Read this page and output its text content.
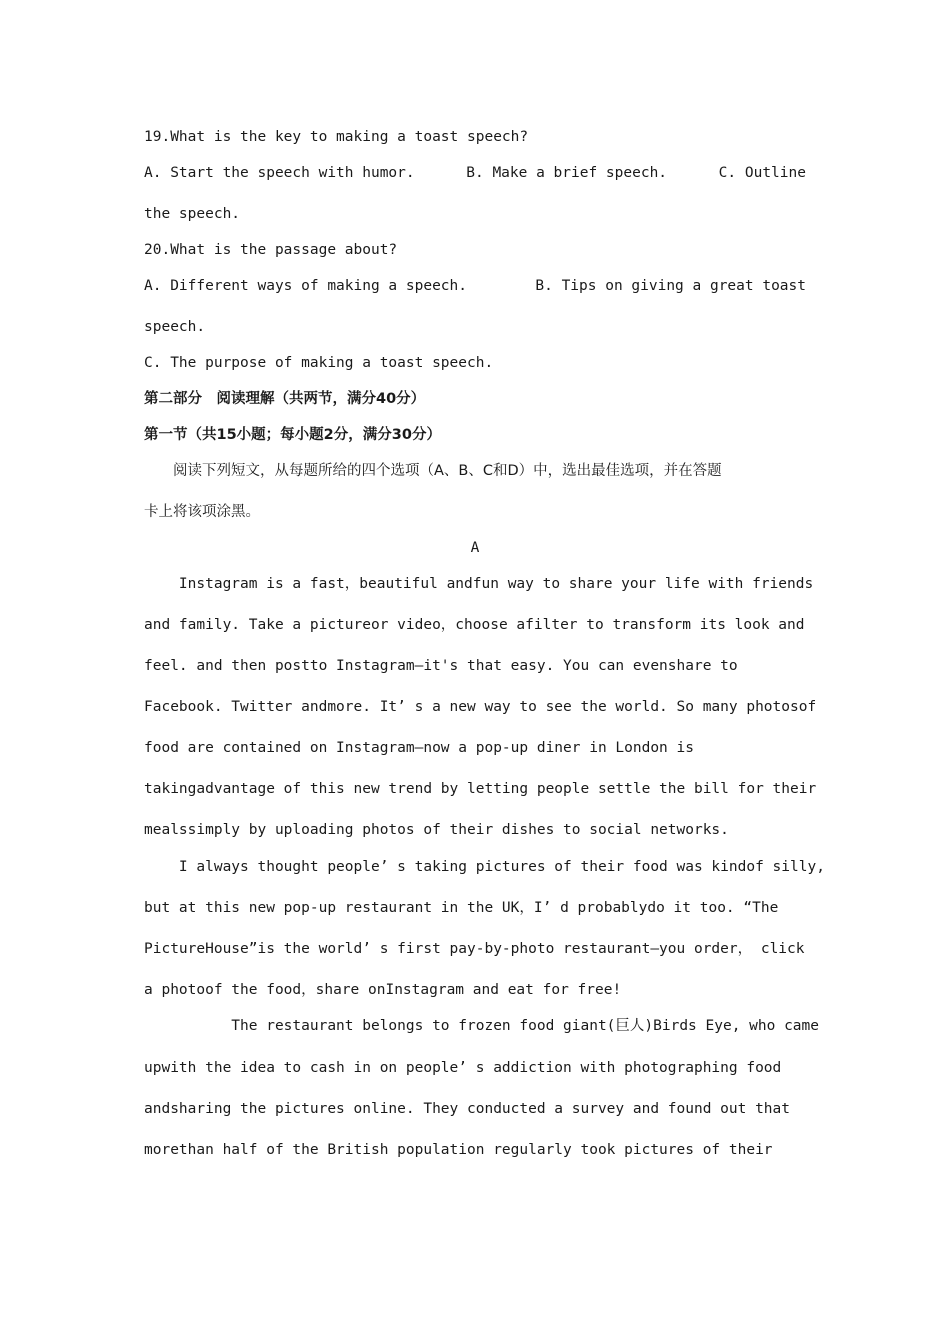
19.What is the key to making a toast speech?
A. Start the speech with humor.	B. Make a brief speech.	C. Outline
the speech.
20.What is the passage about?
A. Different ways of making a speech.	B. Tips on giving a great toast
speech.
C. The purpose of making a toast speech.
第二部分　阅读理解（共两节，满分40分）
第一节（共15小题；每小题2分，满分30分）
　　阅读下列短文，从每题所给的四个选项（A、B、C和D）中，选出最佳选项，并在答题
卡上将该项涂黑。
A
Instagram is a fast，beautiful andfun way to share your life with friends
and family. Take a pictureor video，choose afilter to transform its look and
feel. and then postto Instagram—it's that easy. You can evenshare to
Facebook. Twitter andmore. It’ s a new way to see the world. So many photosof
food are contained on Instagram—now a pop-up diner in London is
takingadvantage of this new trend by letting people settle the bill for their
mealssimply by uploading photos of their dishes to social networks.
I always thought people’ s taking pictures of their food was kindof silly,
but at this new pop-up restaurant in the UK，I’ d probablydo it too. “The
PictureHouse”is the world’ s first pay-by-photo restaurant—you order， click
a photoof the food，share onInstagram and eat for free!
The restaurant belongs to frozen food giant(巨人)Birds Eye, who came
upwith the idea to cash in on people’ s addiction with photographing food
andsharing the pictures online. They conducted a survey and found out that
morethan half of the British population regularly took pictures of their
